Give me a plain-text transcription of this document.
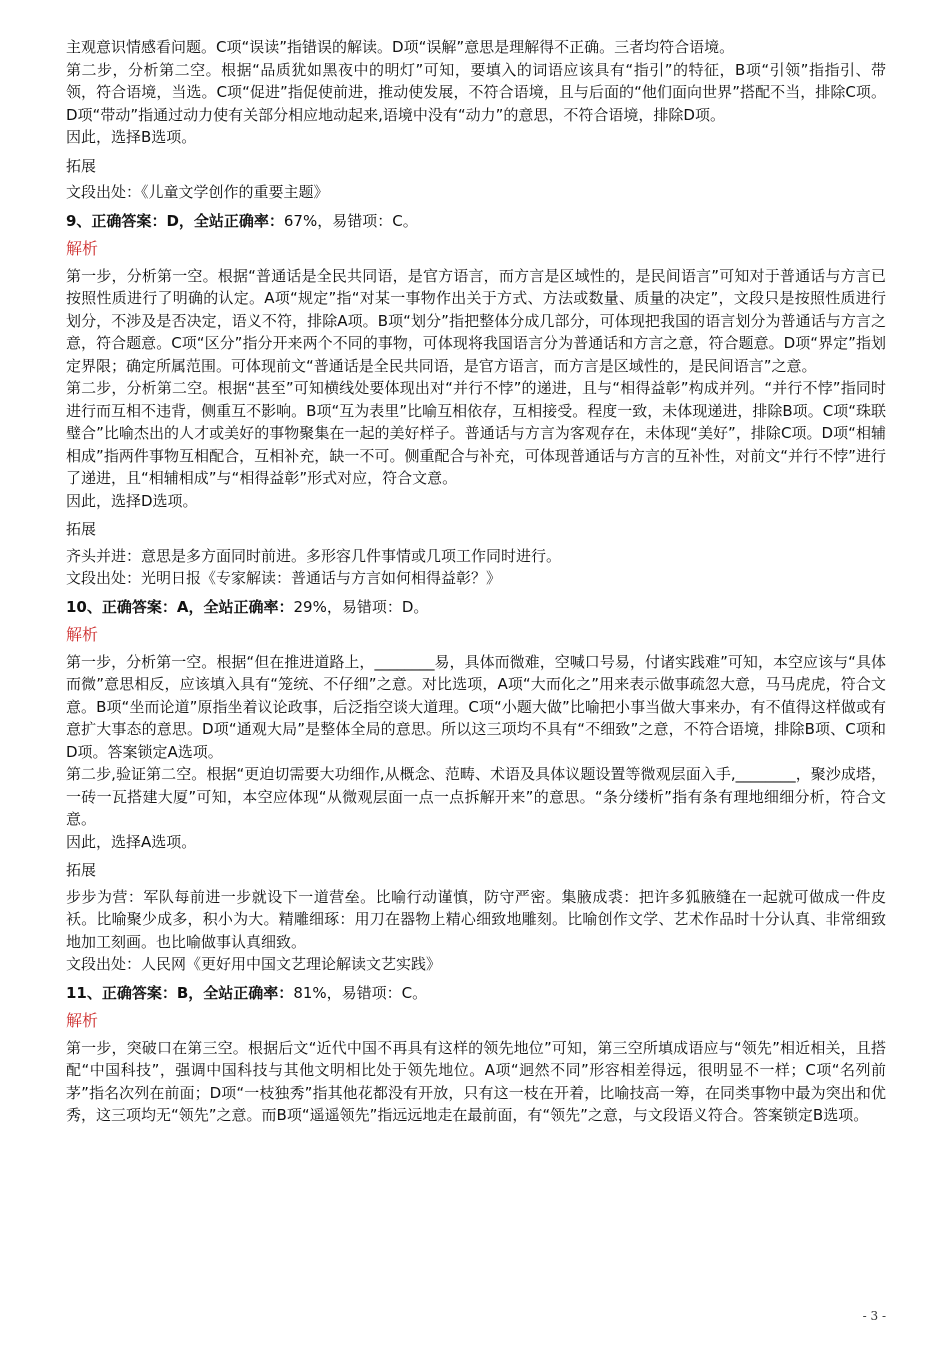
主观意识情感看问题。C项“误读”指错误的解读。D项“误解”意思是理解得不正确。三者均符合语境。

第二步，分析第二空。根据“品质犹如黑夜中的明灯”可知，要填入的词语应该具有“指引”的特征，B项“引领”指指引、带领，符合语境，当选。C项“促进”指促使前进，推动使发展，不符合语境，且与后面的“他们面向世界”搭配不当，排除C项。D项“带动”指通过动力使有关部分相应地动起来,语境中没有“动力”的意思，不符合语境，排除D项。

因此，选择B选项。

拓展

文段出处：《儿童文学创作的重要主题》

9、正确答案：D，全站正确率：67%，易错项：C。

解析

第一步，分析第一空。根据“普通话是全民共同语，是官方语言，而方言是区域性的，是民间语言”可知对于普通话与方言已按照性质进行了明确的认定。A项“规定”指“对某一事物作出关于方式、方法或数量、质量的决定”，文段只是按照性质进行划分，不涉及是否决定，语义不符，排除A项。B项“划分”指把整体分成几部分，可体现把我国的语言划分为普通话与方言之意，符合题意。C项“区分”指分开来两个不同的事物，可体现将我国语言分为普通话和方言之意，符合题意。D项“界定”指划定界限；确定所属范围。可体现前文“普通话是全民共同语，是官方语言，而方言是区域性的，是民间语言”之意。

第二步，分析第二空。根据“甚至”可知横线处要体现出对“并行不悖”的递进，且与“相得益彰”构成并列。“并行不悖”指同时进行而互相不违背，侧重互不影响。B项“互为表里”比喻互相依存，互相接受。程度一致，未体现递进，排除B项。C项“珠联璧合”比喻杰出的人才或美好的事物聚集在一起的美好样子。普通话与方言为客观存在，未体现“美好”，排除C项。D项“相辅相成”指两件事物互相配合，互相补充，缺一不可。侧重配合与补充，可体现普通话与方言的互补性，对前文“并行不悖”进行了递进，且“相辅相成”与“相得益彰”形式对应，符合文意。

因此，选择D选项。

拓展

齐头并进：意思是多方面同时前进。多形容几件事情或几项工作同时进行。

文段出处：光明日报《专家解读：普通话与方言如何相得益彰？》

10、正确答案：A，全站正确率：29%，易错项：D。

解析

第一步，分析第一空。根据“但在推进道路上，________易，具体而微难，空喊口号易，付诸实践难”可知，本空应该与“具体而微”意思相反，应该填入具有“笼统、不仔细”之意。对比选项，A项“大而化之”用来表示做事疏忽大意，马马虎虎，符合文意。B项“坐而论道”原指坐着议论政事，后泛指空谈大道理。C项“小题大做”比喻把小事当做大事来办，有不值得这样做或有意扩大事态的意思。D项“通观大局”是整体全局的意思。所以这三项均不具有“不细致”之意，不符合语境，排除B项、C项和D项。答案锁定A选项。

第二步,验证第二空。根据“更迫切需要大功细作,从概念、范畴、术语及具体议题设置等微观层面入手,________，聚沙成塔，一砖一瓦搭建大厦”可知，本空应体现“从微观层面一点一点拆解开来”的意思。“条分缕析”指有条有理地细细分析，符合文意。

因此，选择A选项。

拓展

步步为营：军队每前进一步就设下一道营垒。比喻行动谨慎，防守严密。集腋成裘：把许多狐腋缝在一起就可做成一件皮袄。比喻聚少成多，积小为大。精雕细琢：用刀在器物上精心细致地雕刻。比喻创作文学、艺术作品时十分认真、非常细致地加工刻画。也比喻做事认真细致。

文段出处：人民网《更好用中国文艺理论解读文艺实践》

11、正确答案：B，全站正确率：81%，易错项：C。

解析

第一步，突破口在第三空。根据后文“近代中国不再具有这样的领先地位”可知，第三空所填成语应与“领先”相近相关，且搭配“中国科技”，强调中国科技与其他文明相比处于领先地位。A项“迥然不同”形容相差得远，很明显不一样；C项“名列前茅”指名次列在前面；D项“一枝独秀”指其他花都没有开放，只有这一枝在开着，比喻技高一筹，在同类事物中最为突出和优秀，这三项均无“领先”之意。而B项“遥遥领先”指远远地走在最前面，有“领先”之意，与文段语义符合。答案锁定B选项。

- 3 -
